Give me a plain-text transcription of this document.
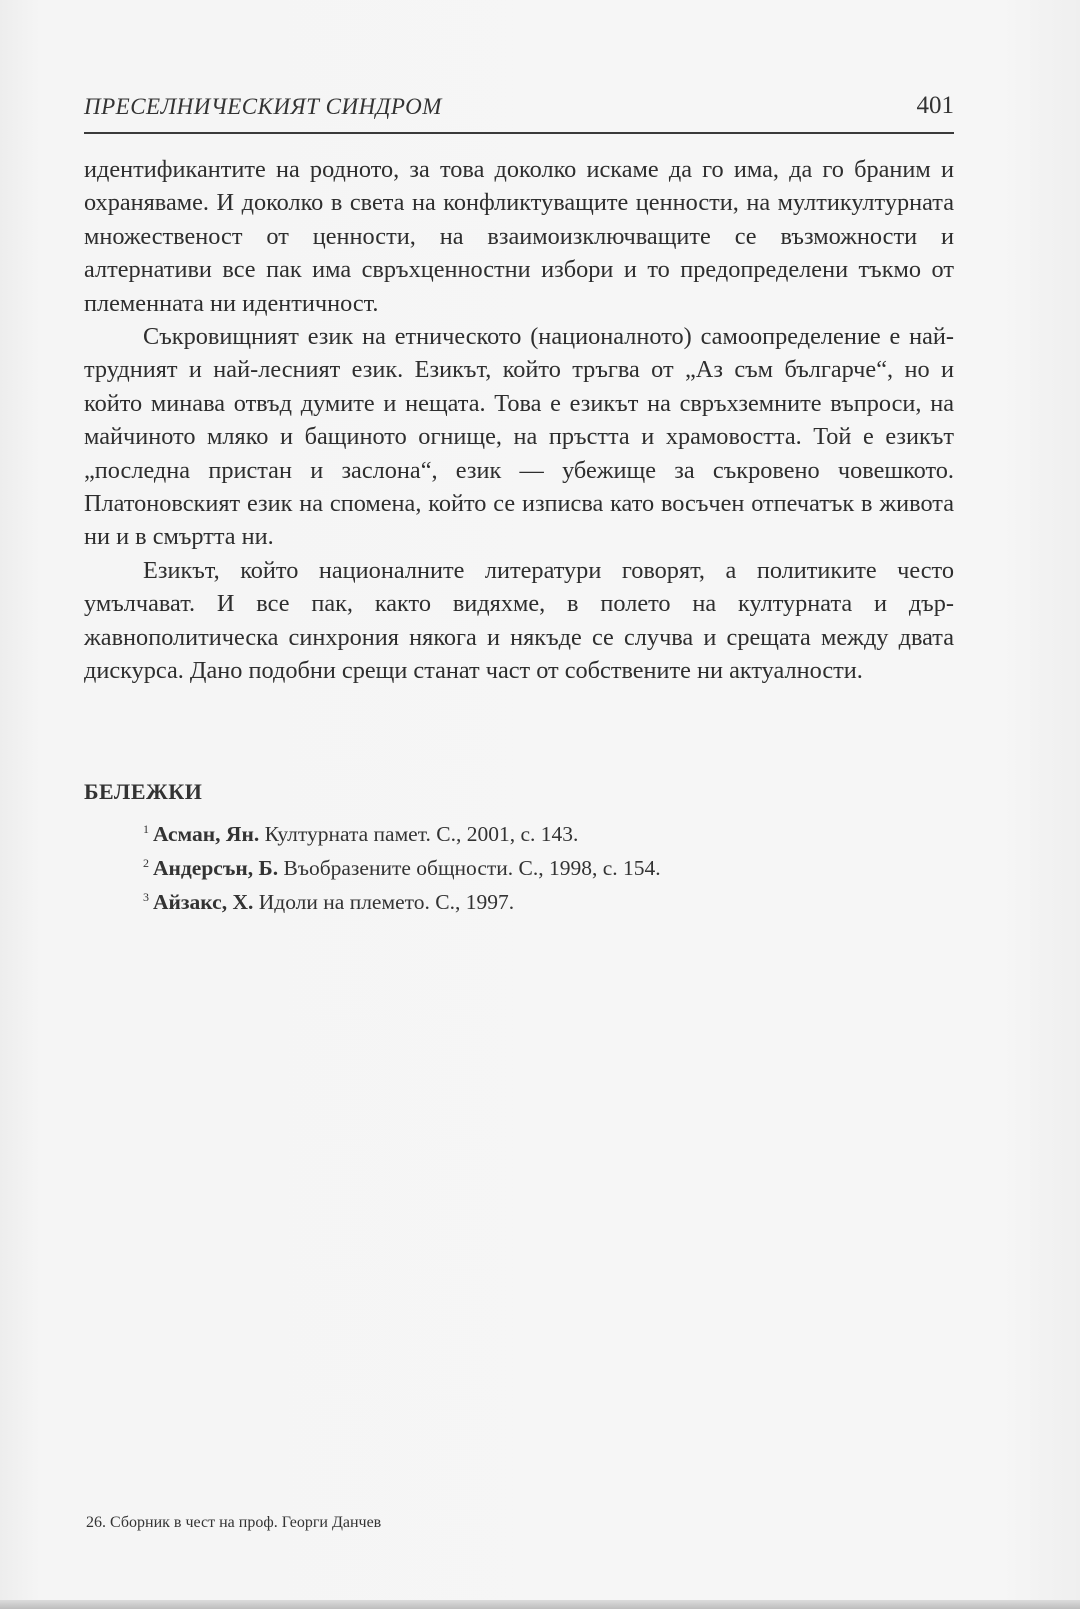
ПРЕСЕЛНИЧЕСКИЯТ СИНДРОМ	401

идентификантите на родното, за това доколко искаме да го има, да го браним и охраняваме. И доколко в света на конфликтуващите ценности, на мултикултурната множественост от ценности, на взаимоизключващите се възможности и алтернативи все пак има свръхценностни избори и то предопределени тъкмо от племенната ни идентичност.

Съкровищният език на етническото (националното) самоопределение е най-трудният и най-лесният език. Езикът, който тръгва от „Аз съм българче“, но и който минава отвъд думите и нещата. Това е езикът на свръхземните въпроси, на майчиното мляко и бащиното огнище, на пръстта и храмовостта. Той е езикът „последна пристан и заслона“, език — убежище за съкровено човешкото. Платоновският език на спомена, който се изписва като восъчен отпечатък в живота ни и в смъртта ни.

Езикът, който националните литератури говорят, а политиките често умълчават. И все пак, както видяхме, в полето на културната и държавнополитическа синхрония някога и някъде се случва и срещата между двата дискурса. Дано подобни срещи станат част от собствените ни актуалности.

БЕЛЕЖКИ
$^1$ Асман, Ян. Културната памет. С., 2001, с. 143.
$^2$ Андерсън, Б. Въобразените общности. С., 1998, с. 154.
$^3$ Айзакс, Х. Идоли на племето. С., 1997.
26. Сборник в чест на проф. Георги Данчев
